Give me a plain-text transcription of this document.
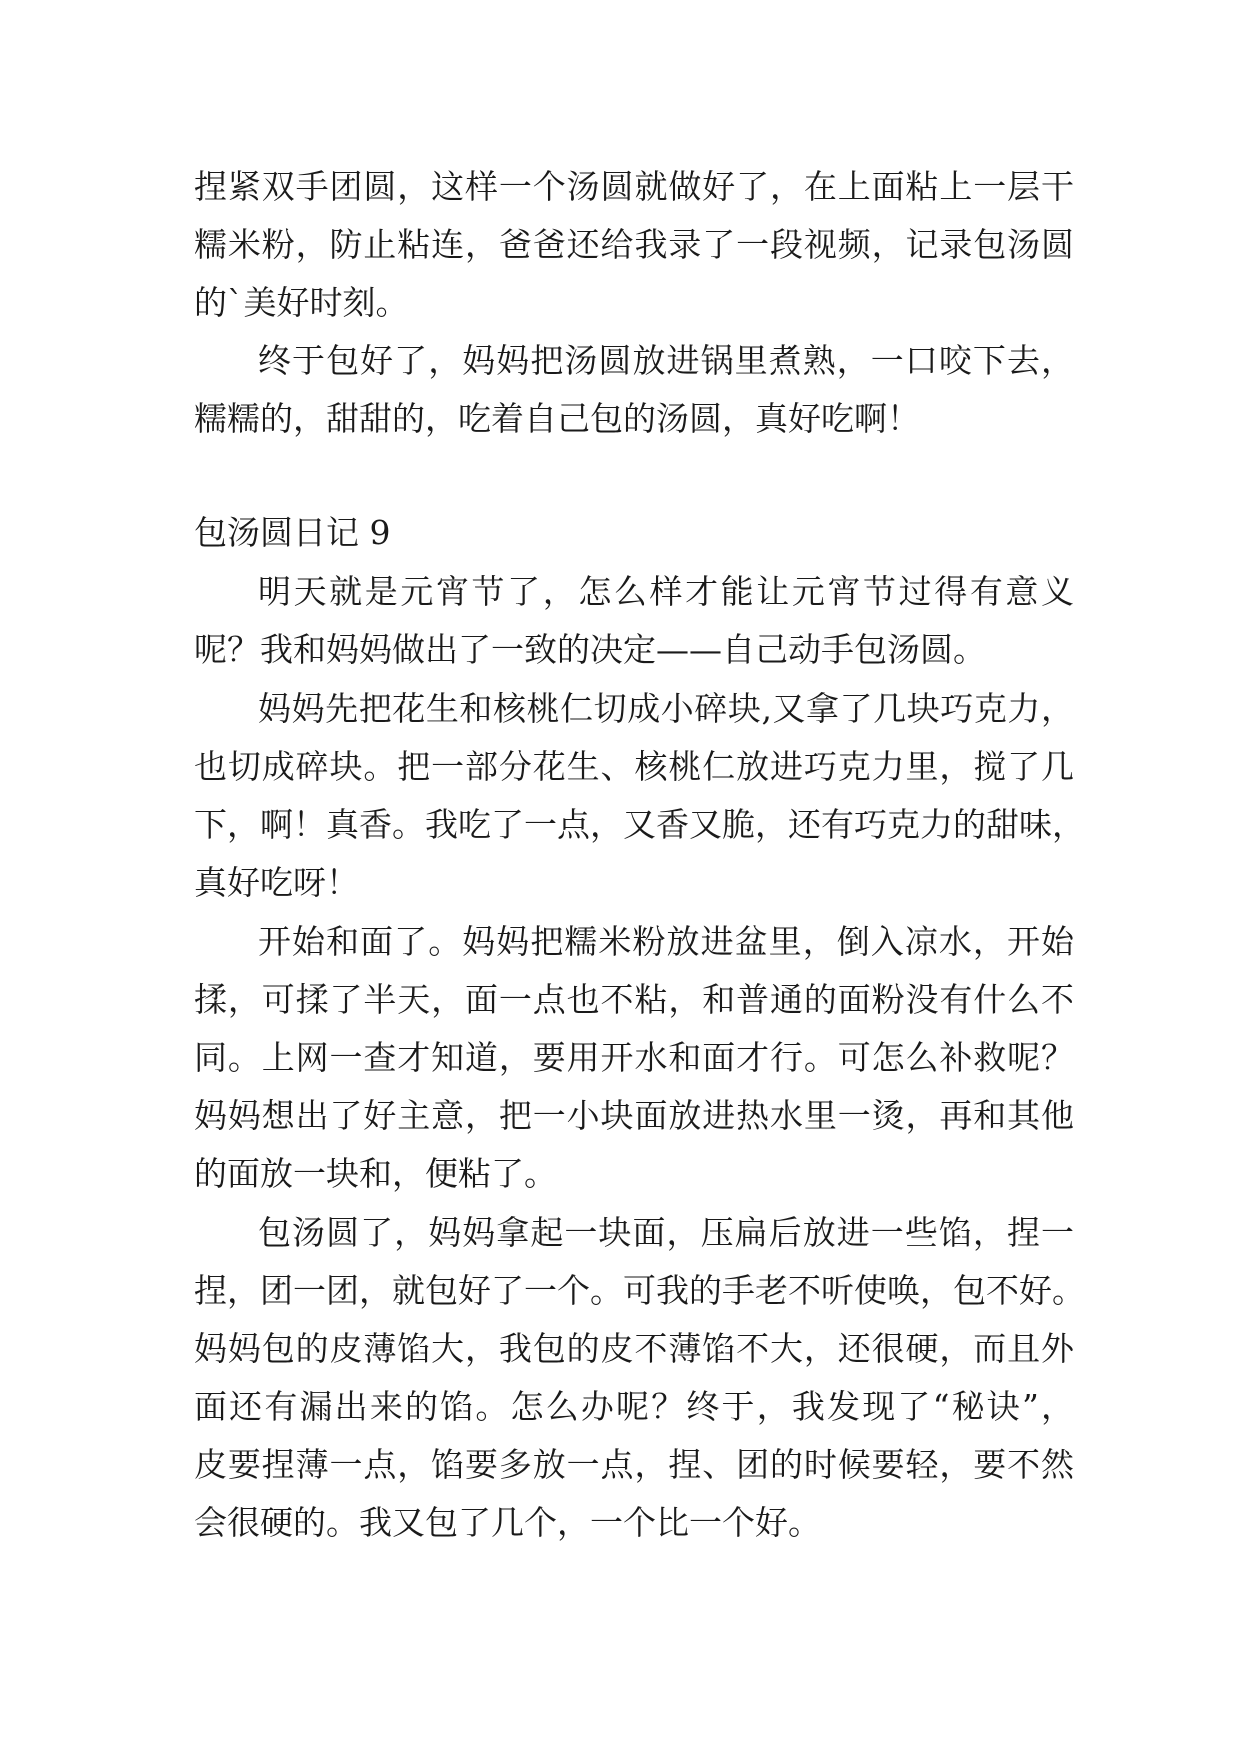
捏紧双手团圆，这样一个汤圆就做好了，在上面粘上一层干
糯米粉，防止粘连，爸爸还给我录了一段视频，记录包汤圆
的`美好时刻。
终于包好了，妈妈把汤圆放进锅里煮熟，一口咬下去，
糯糯的，甜甜的，吃着自己包的汤圆，真好吃啊！
包汤圆日记 9
明天就是元宵节了，怎么样才能让元宵节过得有意义
呢？我和妈妈做出了一致的决定——自己动手包汤圆。
妈妈先把花生和核桃仁切成小碎块,又拿了几块巧克力，
也切成碎块。把一部分花生、核桃仁放进巧克力里，搅了几
下，啊！真香。我吃了一点，又香又脆，还有巧克力的甜味，
真好吃呀！
开始和面了。妈妈把糯米粉放进盆里，倒入凉水，开始
揉，可揉了半天，面一点也不粘，和普通的面粉没有什么不
同。上网一查才知道，要用开水和面才行。可怎么补救呢？
妈妈想出了好主意，把一小块面放进热水里一烫，再和其他
的面放一块和，便粘了。
包汤圆了，妈妈拿起一块面，压扁后放进一些馅，捏一
捏，团一团，就包好了一个。可我的手老不听使唤，包不好。
妈妈包的皮薄馅大，我包的皮不薄馅不大，还很硬，而且外
面还有漏出来的馅。怎么办呢？终于，我发现了“秘诀”，
皮要捏薄一点，馅要多放一点，捏、团的时候要轻，要不然
会很硬的。我又包了几个，一个比一个好。
